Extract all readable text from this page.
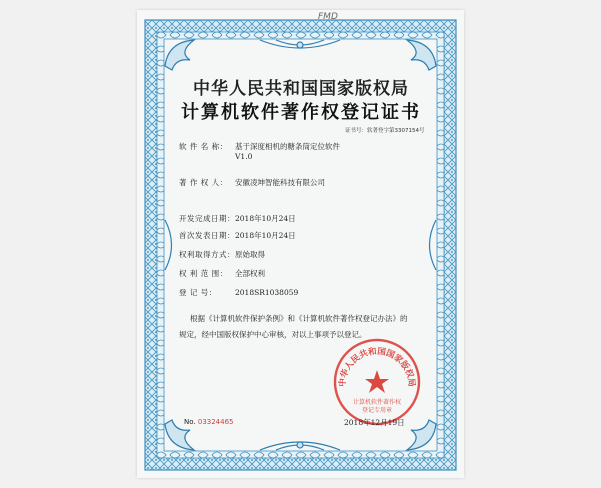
FMD
中华人民共和国国家版权局
计算机软件著作权登记证书
证书号：软著登字第3307154号
软 件 名 称： 基于深度相机的糖条筒定位软件
V1.0
著 作 权 人： 安徽凌坤智能科技有限公司
开发完成日期：2018年10月24日
首次发表日期：2018年10月24日
权利取得方式：原始取得
权 利 范 围： 全部权利
登 记 号： 2018SR1038059
根据《计算机软件保护条例》和《计算机软件著作权登记办法》的
规定，经中国版权保护中心审核，对以上事项予以登记。
中华人民共和国国家版权局
计算机软件著作权
登记专用章
No. 03324465	2018年12月19日
